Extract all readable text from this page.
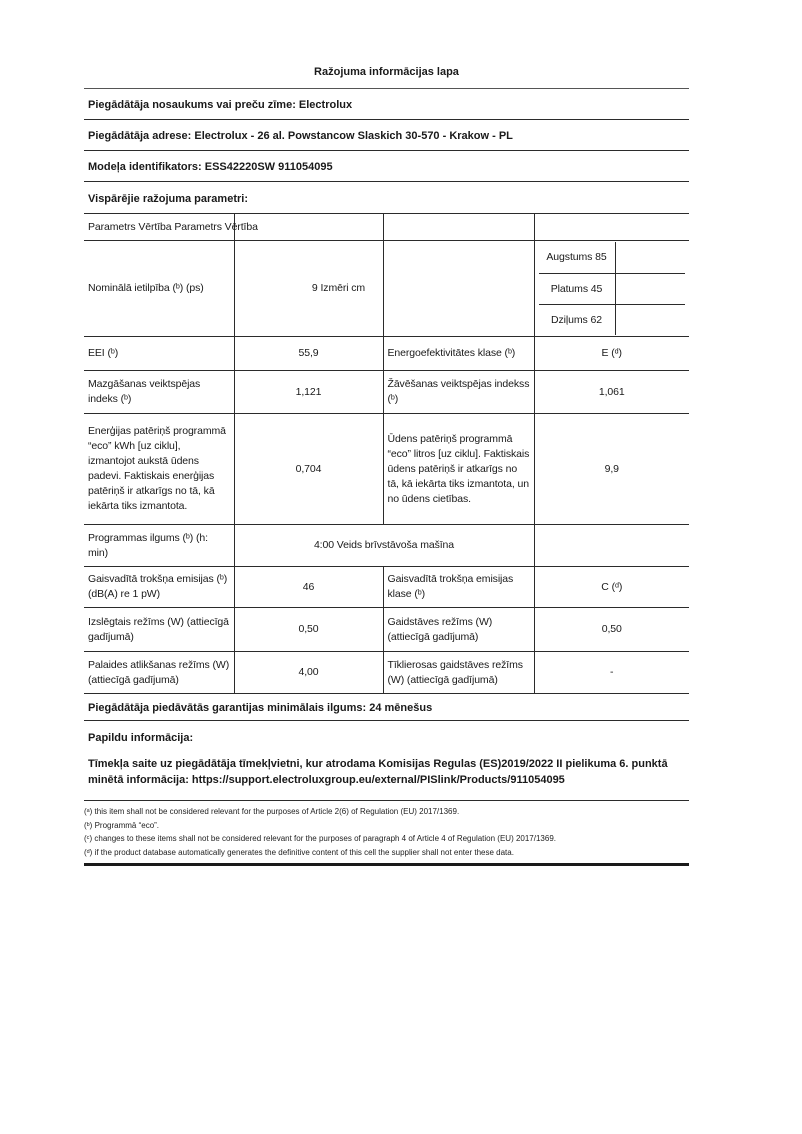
Ražojuma informācijas lapa
Piegādātāja nosaukums vai preču zīme: Electrolux
Piegādātāja adrese: Electrolux - 26 al. Powstancow Slaskich 30-570 - Krakow - PL
Modeļa identifikators: ESS42220SW 911054095
Vispārējie ražojuma parametri:
Parametrs Vērtība Parametrs Vērtība			
Nominālā ietilpība (ᵇ) (ps)	9 Izmēri cm		Augstums 85
Platums 45
Dziļums 62

EEI (ᵇ)	55,9	Energoefektivitātes klase (ᵇ)	E (ᵈ)
Mazgāšanas veiktspējas indeks (ᵇ)	1,121	Žāvēšanas veiktspējas indekss (ᵇ)	1,061
Enerģijas patēriņš programmā “eco” kWh [uz ciklu], izmantojot aukstā ūdens padevi. Faktiskais enerģijas patēriņš ir atkarīgs no tā, kā iekārta tiks izmantota.	0,704	Ūdens patēriņš programmā “eco” litros [uz ciklu]. Faktiskais ūdens patēriņš ir atkarīgs no tā, kā iekārta tiks izmantota, un no ūdens cietības.	9,9
Programmas ilgums (ᵇ) (h: min)	4:00 Veids brīvstāvoša mašīna		
Gaisvadītā trokšņa emisijas (ᵇ) (dB(A) re 1 pW)	46	Gaisvadītā trokšņa emisijas klase (ᵇ)	C (ᵈ)
Izslēgtais režīms (W) (attiecīgā gadījumā)	0,50	Gaidstāves režīms (W) (attiecīgā gadījumā)	0,50
Palaides atlikšanas režīms (W) (attiecīgā gadījumā)	4,00	Tīklierosas gaidstāves režīms (W) (attiecīgā gadījumā)	-
Piegādātāja piedāvātās garantijas minimālais ilgums: 24 mēnešus
Papildu informācija:
Tīmekļa saite uz piegādātāja tīmekļvietni, kur atrodama Komisijas Regulas (ES)2019/2022 II pielikuma 6. punktā minētā informācija: https://support.electroluxgroup.eu/external/PISlink/Products/911054095
(ᵃ) this item shall not be considered relevant for the purposes of Article 2(6) of Regulation (EU) 2017/1369.
(ᵇ) Programmā “eco”.
(ᶜ) changes to these items shall not be considered relevant for the purposes of paragraph 4 of Article 4 of Regulation (EU) 2017/1369.
(ᵈ) if the product database automatically generates the definitive content of this cell the supplier shall not enter these data.
